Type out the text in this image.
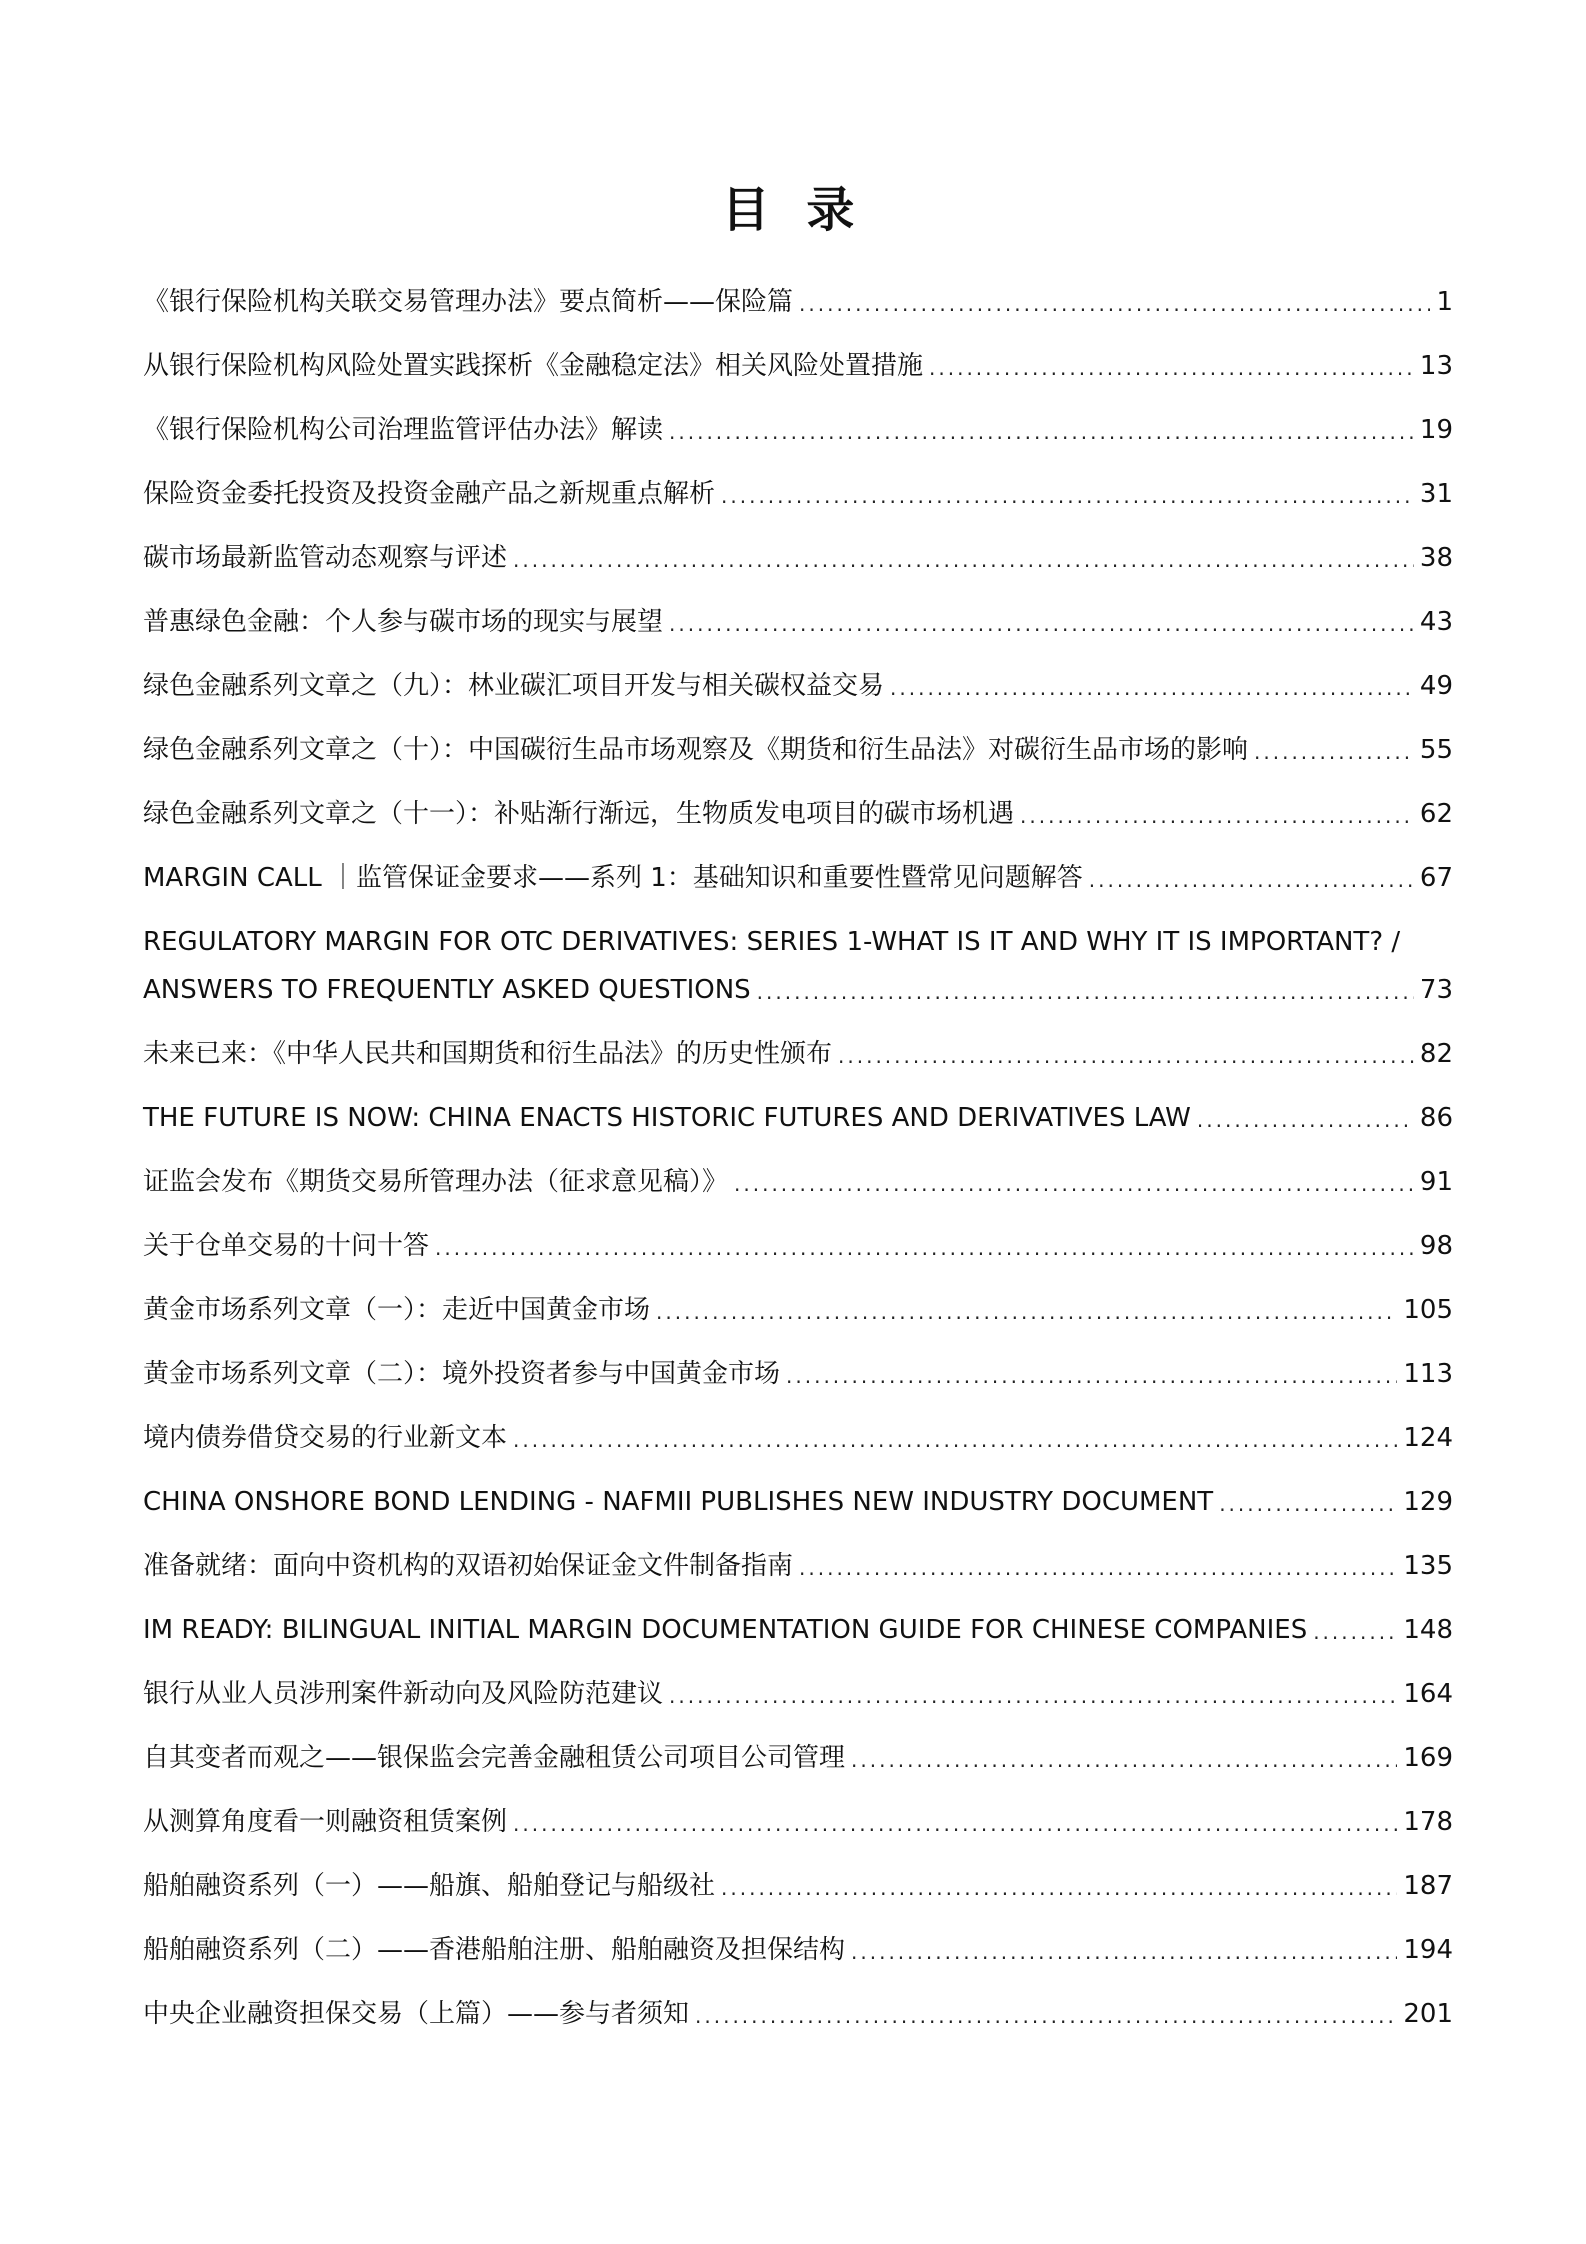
目 录
《银行保险机构关联交易管理办法》要点简析——保险篇 .....	1
从银行保险机构风险处置实践探析《金融稳定法》相关风险处置措施 .....	13
《银行保险机构公司治理监管评估办法》解读 .....	19
保险资金委托投资及投资金融产品之新规重点解析 .....	31
碳市场最新监管动态观察与评述 .....	38
普惠绿色金融：个人参与碳市场的现实与展望 .....	43
绿色金融系列文章之（九）：林业碳汇项目开发与相关碳权益交易 .....	49
绿色金融系列文章之（十）：中国碳衍生品市场观察及《期货和衍生品法》对碳衍生品市场的影响 .....	55
绿色金融系列文章之（十一）：补贴渐行渐远，生物质发电项目的碳市场机遇 .....	62
MARGIN CALL ｜监管保证金要求——系列 1：基础知识和重要性暨常见问题解答 .....	67
REGULATORY MARGIN FOR OTC DERIVATIVES: SERIES 1-WHAT IS IT AND WHY IT IS IMPORTANT? /
ANSWERS TO FREQUENTLY ASKED QUESTIONS .....	73
未来已来：《中华人民共和国期货和衍生品法》的历史性颁布 .....	82
THE FUTURE IS NOW: CHINA ENACTS HISTORIC FUTURES AND DERIVATIVES LAW .....	86
证监会发布《期货交易所管理办法（征求意见稿）》 .....	91
关于仓单交易的十问十答 .....	98
黄金市场系列文章（一）：走近中国黄金市场 .....	105
黄金市场系列文章（二）：境外投资者参与中国黄金市场 .....	113
境内债券借贷交易的行业新文本 .....	124
CHINA ONSHORE BOND LENDING - NAFMII PUBLISHES NEW INDUSTRY DOCUMENT .....	129
准备就绪：面向中资机构的双语初始保证金文件制备指南 .....	135
IM READY: BILINGUAL INITIAL MARGIN DOCUMENTATION GUIDE FOR CHINESE COMPANIES .....	148
银行从业人员涉刑案件新动向及风险防范建议 .....	164
自其变者而观之——银保监会完善金融租赁公司项目公司管理 .....	169
从测算角度看一则融资租赁案例 .....	178
船舶融资系列（一）——船旗、船舶登记与船级社 .....	187
船舶融资系列（二）——香港船舶注册、船舶融资及担保结构 .....	194
中央企业融资担保交易（上篇）——参与者须知 .....	201
